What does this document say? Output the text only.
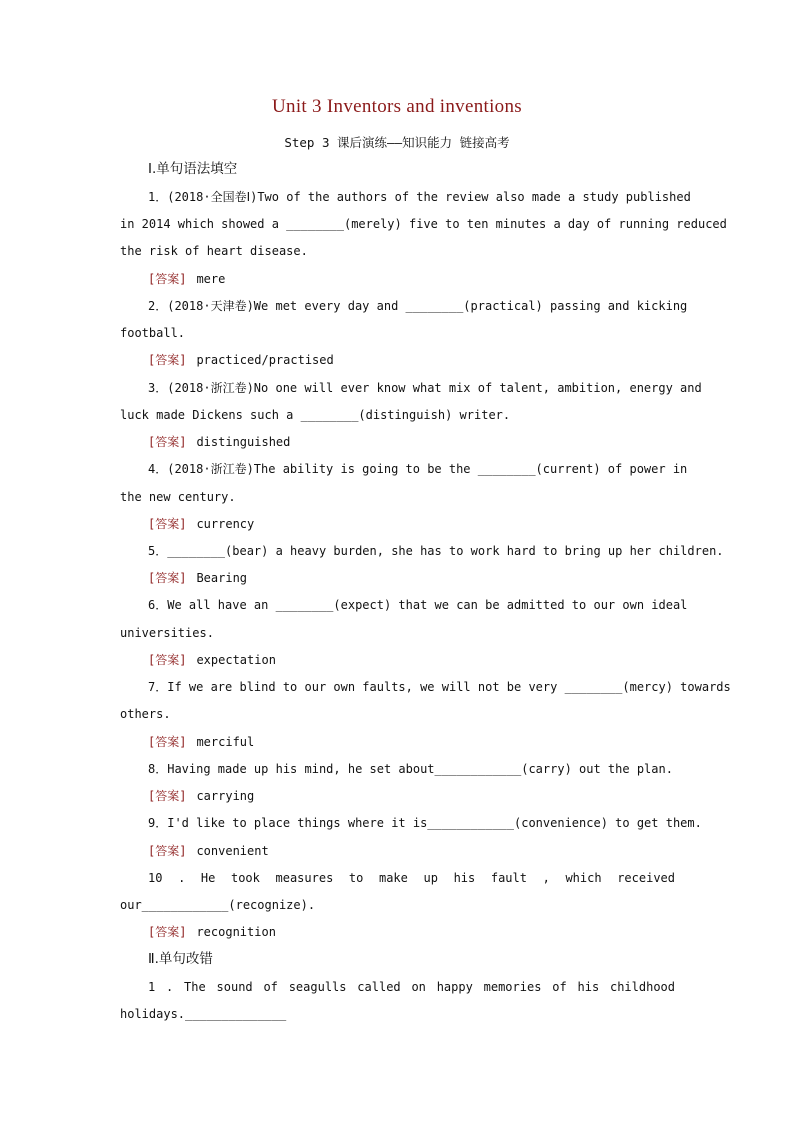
Unit 3 Inventors and inventions
Step 3 课后演练——知识能力 链接高考
Ⅰ.单句语法填空
1．(2018·全国卷Ⅰ)Two of the authors of the review also made a study published
in 2014 which showed a ________(merely) five to ten minutes a day of running reduced
the risk of heart disease.
[答案] mere
2．(2018·天津卷)We met every day and ________(practical) passing and kicking
football.
[答案] practiced/practised
3．(2018·浙江卷)No one will ever know what mix of talent, ambition, energy and
luck made Dickens such a ________(distinguish) writer.
[答案] distinguished
4．(2018·浙江卷)The ability is going to be the ________(current) of power in
the new century.
[答案] currency
5．________(bear) a heavy burden, she has to work hard to bring up her children.
[答案] Bearing
6．We all have an ________(expect) that we can be admitted to our own ideal
universities.
[答案] expectation
7．If we are blind to our own faults, we will not be very ________(mercy) towards
others.
[答案] merciful
8．Having made up his mind, he set about____________(carry) out the plan.
[答案] carrying
9．I'd like to place things where it is____________(convenience) to get them.
[答案] convenient
10 . He took measures to make up his fault , which received
our____________(recognize).
[答案] recognition
Ⅱ.单句改错
1 . The sound of seagulls called on happy memories of his childhood
holidays.______________
